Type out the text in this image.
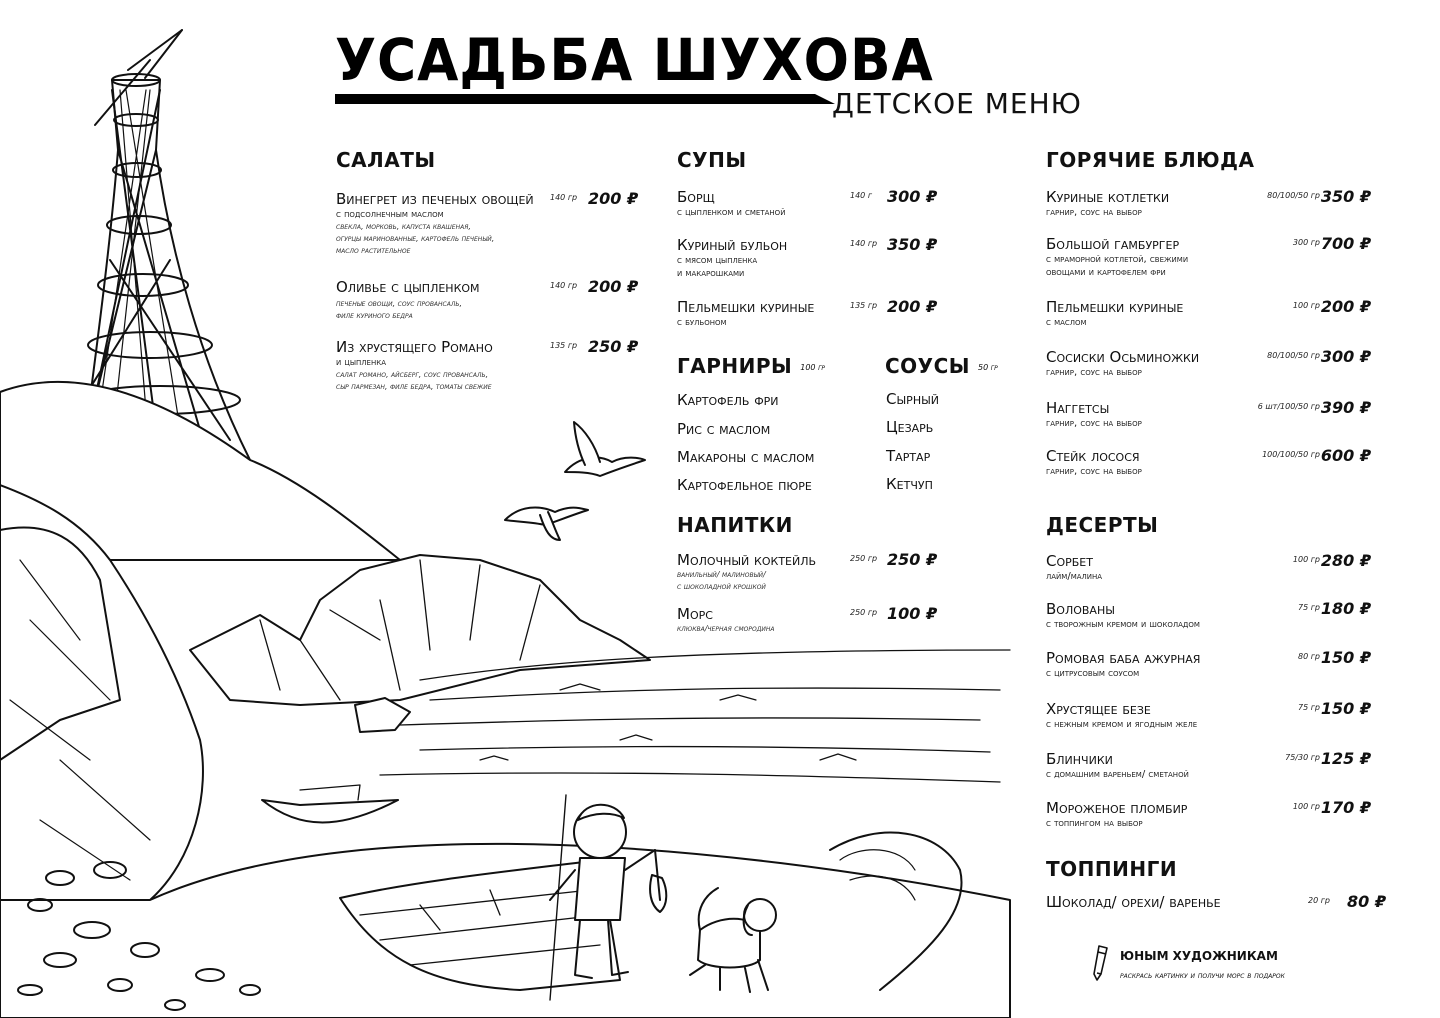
УСАДЬБА ШУХОВА
ДЕТСКОЕ МЕНЮ
САЛАТЫ
Винегрет из печеных овощей
с подсолнечным маслом
свекла, морковь, капуста квашеная,
огурцы маринованные, картофель печеный,
масло растительное
140 гр 200 ₽
Оливье с цыпленком
печеные овощи, соус провансаль,
филе куриного бедра
140 гр 200 ₽
Из хрустящего Романо
и цыпленка
салат романо, айсберг, соус провансаль,
сыр пармезан, филе бедра, томаты свежие
135 гр 250 ₽
СУПЫ
Борщ
с цыпленком и сметаной
140 г 300 ₽
Куриный бульон
с мясом цыпленка
и макарошками
140 гр 350 ₽
Пельмешки куриные
с бульоном
135 гр 200 ₽
ГАРНИРЫ 100 гр
Картофель фри
Рис с маслом
Макароны с маслом
Картофельное пюре
СОУСЫ 50 гр
Сырный
Цезарь
Тартар
Кетчуп
НАПИТКИ
Молочный коктейль
ванильный/ малиновый/
с шоколадной крошкой
250 гр 250 ₽
Морс
клюква/черная смородина
250 гр 100 ₽
ГОРЯЧИЕ БЛЮДА
Куриные котлетки
гарнир, соус на выбор
80/100/50 гр 350 ₽
Большой гамбургер
с мраморной котлетой, свежими
овощами и картофелем фри
300 гр 700 ₽
Пельмешки куриные
с маслом
100 гр 200 ₽
Сосиски Осьминожки
гарнир, соус на выбор
80/100/50 гр 300 ₽
Наггетсы
гарнир, соус на выбор
6 шт/100/50 гр 390 ₽
Стейк лосося
гарнир, соус на выбор
100/100/50 гр 600 ₽
ДЕСЕРТЫ
Сорбет
лайм/малина
100 гр 280 ₽
Волованы
с творожным кремом и шоколадом
75 гр 180 ₽
Ромовая баба ажурная
с цитрусовым соусом
80 гр 150 ₽
Хрустящее безе
с нежным кремом и ягодным желе
75 гр 150 ₽
Блинчики
с домашним вареньем/ сметаной
75/30 гр 125 ₽
Мороженое пломбир
с топпингом на выбор
100 гр 170 ₽
ТОППИНГИ
Шоколад/ орехи/ варенье	20 гр 80 ₽
ЮНЫМ ХУДОЖНИКАМ
раскрась картинку и получи морс в подарок
